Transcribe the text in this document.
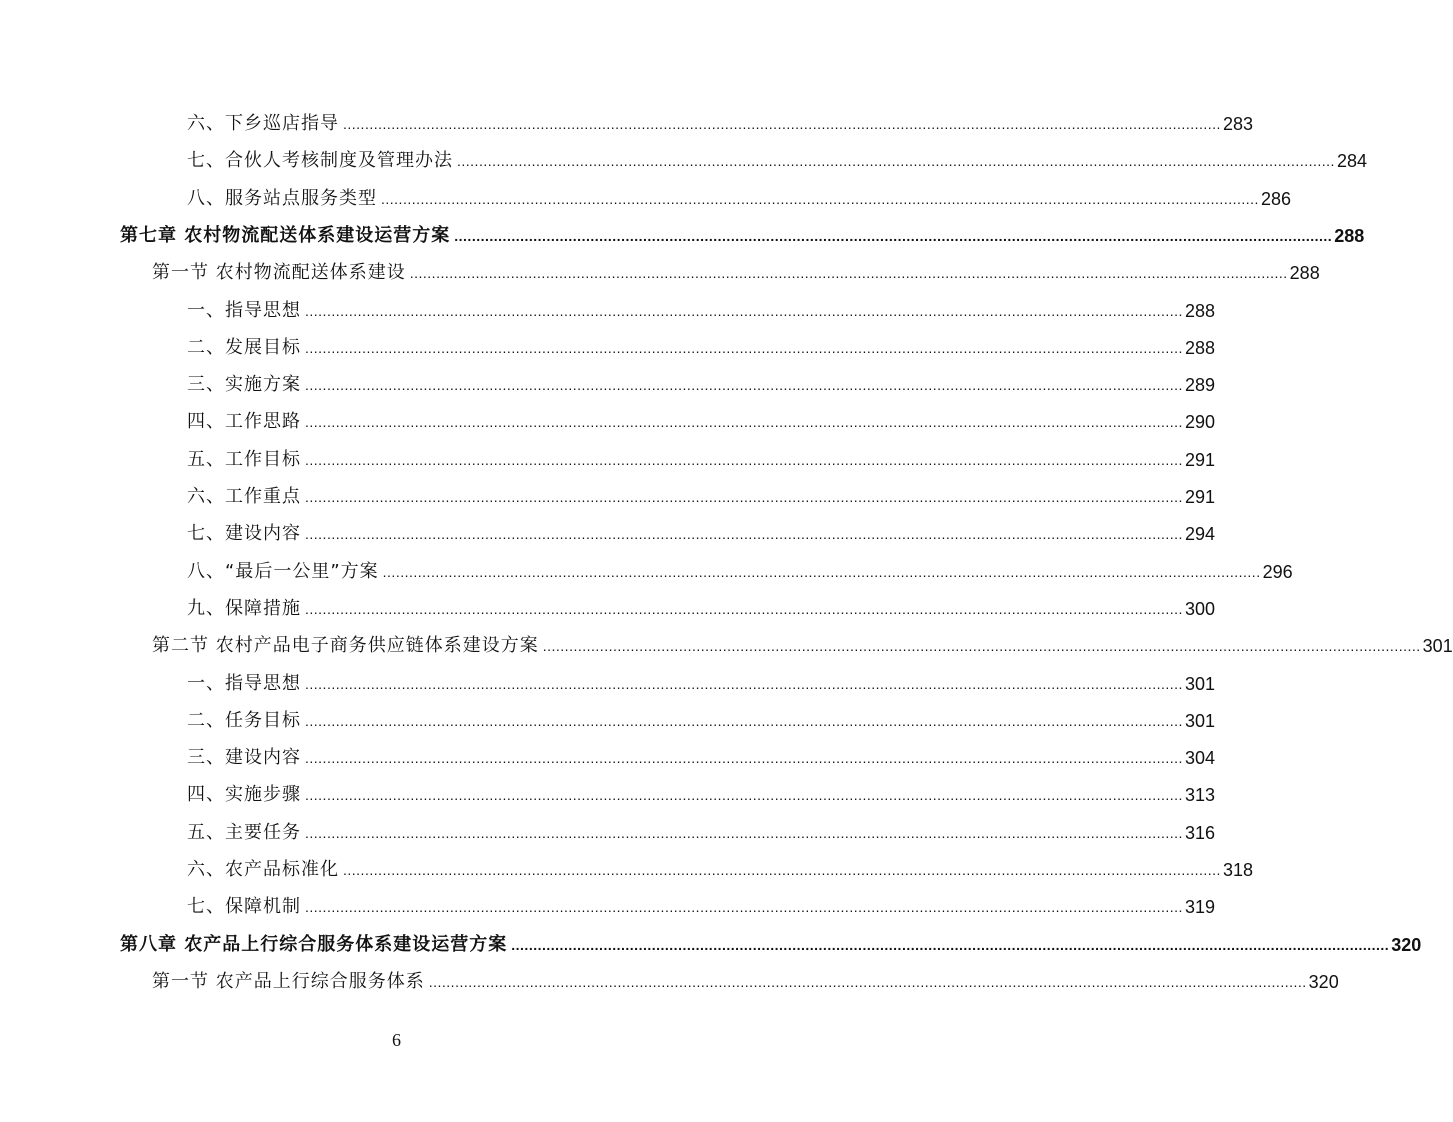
六、下乡巡店指导 ........................................................................................................................................................................................................ 283
七、合伙人考核制度及管理办法 ........................................................................................................................................................................................................ 284
八、服务站点服务类型 ........................................................................................................................................................................................................ 286
第七章 农村物流配送体系建设运营方案 ........................................................................................................................................................................................................ 288
第一节 农村物流配送体系建设 ........................................................................................................................................................................................................ 288
一、指导思想 ........................................................................................................................................................................................................ 288
二、发展目标 ........................................................................................................................................................................................................ 288
三、实施方案 ........................................................................................................................................................................................................ 289
四、工作思路 ........................................................................................................................................................................................................ 290
五、工作目标 ........................................................................................................................................................................................................ 291
六、工作重点 ........................................................................................................................................................................................................ 291
七、建设内容 ........................................................................................................................................................................................................ 294
八、“最后一公里”方案 ........................................................................................................................................................................................................ 296
九、保障措施 ........................................................................................................................................................................................................ 300
第二节 农村产品电子商务供应链体系建设方案 ........................................................................................................................................................................................................ 301
一、指导思想 ........................................................................................................................................................................................................ 301
二、任务目标 ........................................................................................................................................................................................................ 301
三、建设内容 ........................................................................................................................................................................................................ 304
四、实施步骤 ........................................................................................................................................................................................................ 313
五、主要任务 ........................................................................................................................................................................................................ 316
六、农产品标准化 ........................................................................................................................................................................................................ 318
七、保障机制 ........................................................................................................................................................................................................ 319
第八章 农产品上行综合服务体系建设运营方案 ........................................................................................................................................................................................................ 320
第一节 农产品上行综合服务体系 ........................................................................................................................................................................................................ 320
6
